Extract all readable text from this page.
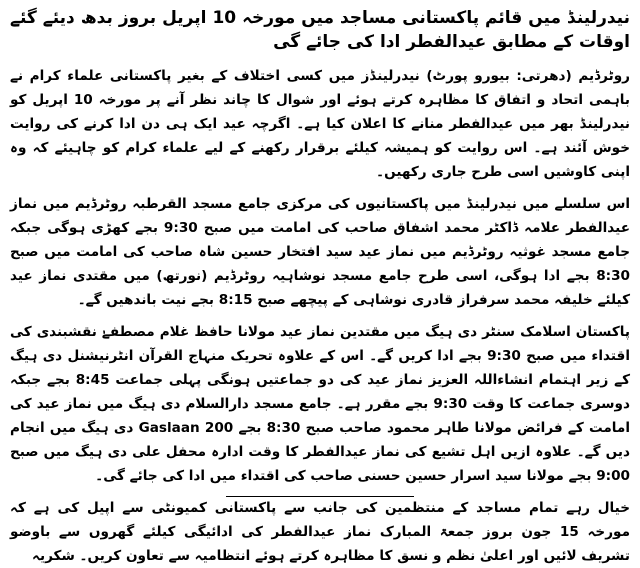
نیدرلینڈ میں قائم پاکستانی مساجد میں مورخہ 10 اپریل بروز بدھ دیئے گئے اوقات کے مطابق عیدالفطر ادا کی جائے گی

روٹرڈیم (دھرتی: بیورو پورٹ) نیدرلینڈز میں کسی اختلاف کے بغیر پاکستانی علماء کرام نے باہمی اتحاد و اتفاق کا مظاہرہ کرتے ہوئے اور شوال کا چاند نظر آنے پر مورخہ 10 اپریل کو نیدرلینڈ بھر میں عیدالفطر منانے کا اعلان کیا ہے۔ اگرچہ عید ایک ہی دن ادا کرنے کی روایت خوش آئند ہے۔ اس روایت کو ہمیشہ کیلئے برقرار رکھنے کے لیے علماء کرام کو چاہیئے کہ وہ اپنی کاوشیں اسی طرح جاری رکھیں۔

اس سلسلے میں نیدرلینڈ میں پاکستانیوں کی مرکزی جامع مسجد القرطبہ روٹرڈیم میں نماز عیدالفطر علامہ ڈاکٹر محمد اشفاق صاحب کی امامت میں صبح 9:30 بجے کھڑی ہوگی جبکہ جامع مسجد غوثیہ روٹرڈیم میں نماز عید سید افتخار حسین شاہ صاحب کی امامت میں صبح 8:30 بجے ادا ہوگی، اسی طرح جامع مسجد نوشاہیہ روٹرڈیم (نورتھ) میں مقتدی نماز عید کیلئے خلیفہ محمد سرفراز قادری نوشاہی کے پیچھے صبح 8:15 بجے نیت باندھیں گے۔

پاکستان اسلامک سنٹر دی ہیگ میں مقتدین نماز عید مولانا حافظ غلام مصطفےٰ نقشبندی کی اقتداء میں صبح 9:30 بجے ادا کریں گے۔ اس کے علاوہ تحریک منہاج القرآن انٹرنیشنل دی ہیگ کے زیر اہتمام انشاءاللہ العزیز نماز عید کی دو جماعتیں ہونگی پہلی جماعت 8:45 بجے جبکہ دوسری جماعت کا وقت 9:30 بجے مقرر ہے۔ جامع مسجد دارالسلام دی ہیگ میں نماز عید کی امامت کے فرائض مولانا طاہر محمود صاحب صبح 8:30 بجے Gaslaan 200 دی ہیگ میں انجام دیں گے۔ علاوہ ازیں اہل تشیع کی نماز عیدالفطر کا وقت ادارہ محفل علی دی ہیگ میں صبح 9:00 بجے مولانا سید اسرار حسین حسنی صاحب کی اقتداء میں ادا کی جائے گی۔

خیال رہے تمام مساجد کے منتظمین کی جانب سے پاکستانی کمیونٹی سے اپیل کی ہے کہ مورخہ 15 جون بروز جمعۃ المبارک نماز عیدالفطر کی ادائیگی کیلئے گھروں سے باوضو تشریف لائیں اور اعلیٰ نظم و نسق کا مظاہرہ کرتے ہوئے انتظامیہ سے تعاون کریں۔ شکریہ
